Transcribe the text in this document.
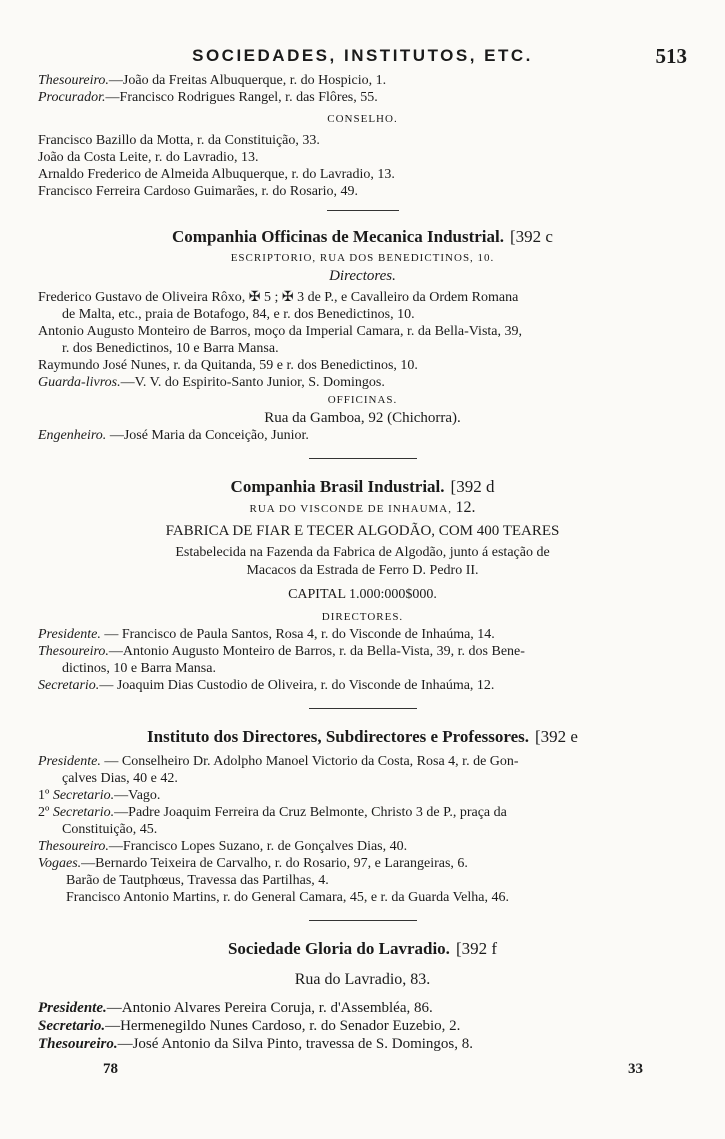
SOCIEDADES, INSTITUTOS, ETC.	513
Thesoureiro.—João da Freitas Albuquerque, r. do Hospicio, 1.
Procurador.—Francisco Rodrigues Rangel, r. das Flôres, 55.
CONSELHO.
Francisco Bazillo da Motta, r. da Constituição, 33.
João da Costa Leite, r. do Lavradio, 13.
Arnaldo Frederico de Almeida Albuquerque, r. do Lavradio, 13.
Francisco Ferreira Cardoso Guimarães, r. do Rosario, 49.
Companhia Officinas de Mecanica Industrial. [392 c
ESCRIPTORIO, RUA DOS BENEDICTINOS, 10.
Directores.
Frederico Gustavo de Oliveira Rôxo, ✠ 5 ; ✠ 3 de P., e Cavalleiro da Ordem Romana
de Malta, etc., praia de Botafogo, 84, e r. dos Benedictinos, 10.
Antonio Augusto Monteiro de Barros, moço da Imperial Camara, r. da Bella-Vista, 39,
r. dos Benedictinos, 10 e Barra Mansa.
Raymundo José Nunes, r. da Quitanda, 59 e r. dos Benedictinos, 10.
Guarda-livros.—V. V. do Espirito-Santo Junior, S. Domingos.
OFFICINAS.
Rua da Gamboa, 92 (Chichorra).
Engenheiro. —José Maria da Conceição, Junior.
Companhia Brasil Industrial. [392 d
RUA DO VISCONDE DE INHAUMA, 12.
FABRICA DE FIAR E TECER ALGODÃO, COM 400 TEARES
Estabelecida na Fazenda da Fabrica de Algodão, junto á estação de
Macacos da Estrada de Ferro D. Pedro II.
CAPITAL 1.000:000$000.
DIRECTORES.
Presidente. — Francisco de Paula Santos, Rosa 4, r. do Visconde de Inhaúma, 14.
Thesoureiro.—Antonio Augusto Monteiro de Barros, r. da Bella-Vista, 39, r. dos Bene-
dictinos, 10 e Barra Mansa.
Secretario.— Joaquim Dias Custodio de Oliveira, r. do Visconde de Inhaúma, 12.
Instituto dos Directores, Subdirectores e Professores. [392 e
Presidente. — Conselheiro Dr. Adolpho Manoel Victorio da Costa, Rosa 4, r. de Gon-
çalves Dias, 40 e 42.
1º Secretario.—Vago.
2º Secretario.—Padre Joaquim Ferreira da Cruz Belmonte, Christo 3 de P., praça da
Constituição, 45.
Thesoureiro.—Francisco Lopes Suzano, r. de Gonçalves Dias, 40.
Vogaes.—Bernardo Teixeira de Carvalho, r. do Rosario, 97, e Larangeiras, 6.
Barão de Tautphœus, Travessa das Partilhas, 4.
Francisco Antonio Martins, r. do General Camara, 45, e r. da Guarda Velha, 46.
Sociedade Gloria do Lavradio. [392 f
Rua do Lavradio, 83.
Presidente.—Antonio Alvares Pereira Coruja, r. d'Assembléa, 86.
Secretario.—Hermenegildo Nunes Cardoso, r. do Senador Euzebio, 2.
Thesoureiro.—José Antonio da Silva Pinto, travessa de S. Domingos, 8.
78	33
